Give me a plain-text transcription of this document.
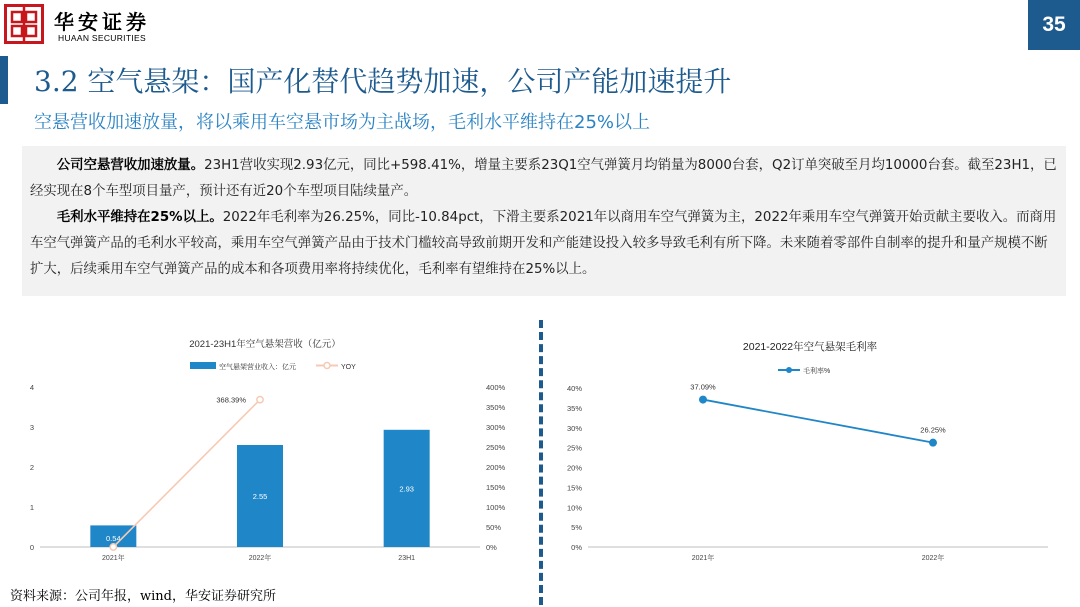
华安证券
HUAAN SECURITIES
35
3.2 空气悬架：国产化替代趋势加速，公司产能加速提升
空悬营收加速放量，将以乘用车空悬市场为主战场，毛利水平维持在25%以上

公司空悬营收加速放量。23H1营收实现2.93亿元，同比+598.41%，增量主要系23Q1空气弹簧月均销量为8000台套，Q2订单突破至月均10000台套。截至23H1，已经实现在8个车型项目量产，预计还有近20个车型项目陆续量产。

毛利水平维持在25%以上。2022年毛利率为26.25%，同比-10.84pct，下滑主要系2021年以商用车空气弹簧为主，2022年乘用车空气弹簧开始贡献主要收入。而商用车空气弹簧产品的毛利水平较高，乘用车空气弹簧产品由于技术门槛较高导致前期开发和产能建设投入较多导致毛利有所下降。未来随着零部件自制率的提升和量产规模不断扩大，后续乘用车空气弹簧产品的成本和各项费用率将持续优化，毛利率有望维持在25%以上。

2021-23H1年空气悬架营收（亿元）
空气悬架营业收入：亿元	YOY
0
1
2
3
4
0%
50%
100%
150%
200%
250%
300%
350%
400%
0.54
2.55
2.93
368.39%
2021年	2022年	23H1
2021-2022年空气悬架毛利率
毛利率%
0%
5%
10%
15%
20%
25%
30%
35%
40%	37.09%
26.25%
2021年	2022年
资料来源：公司年报，wind，华安证券研究所
